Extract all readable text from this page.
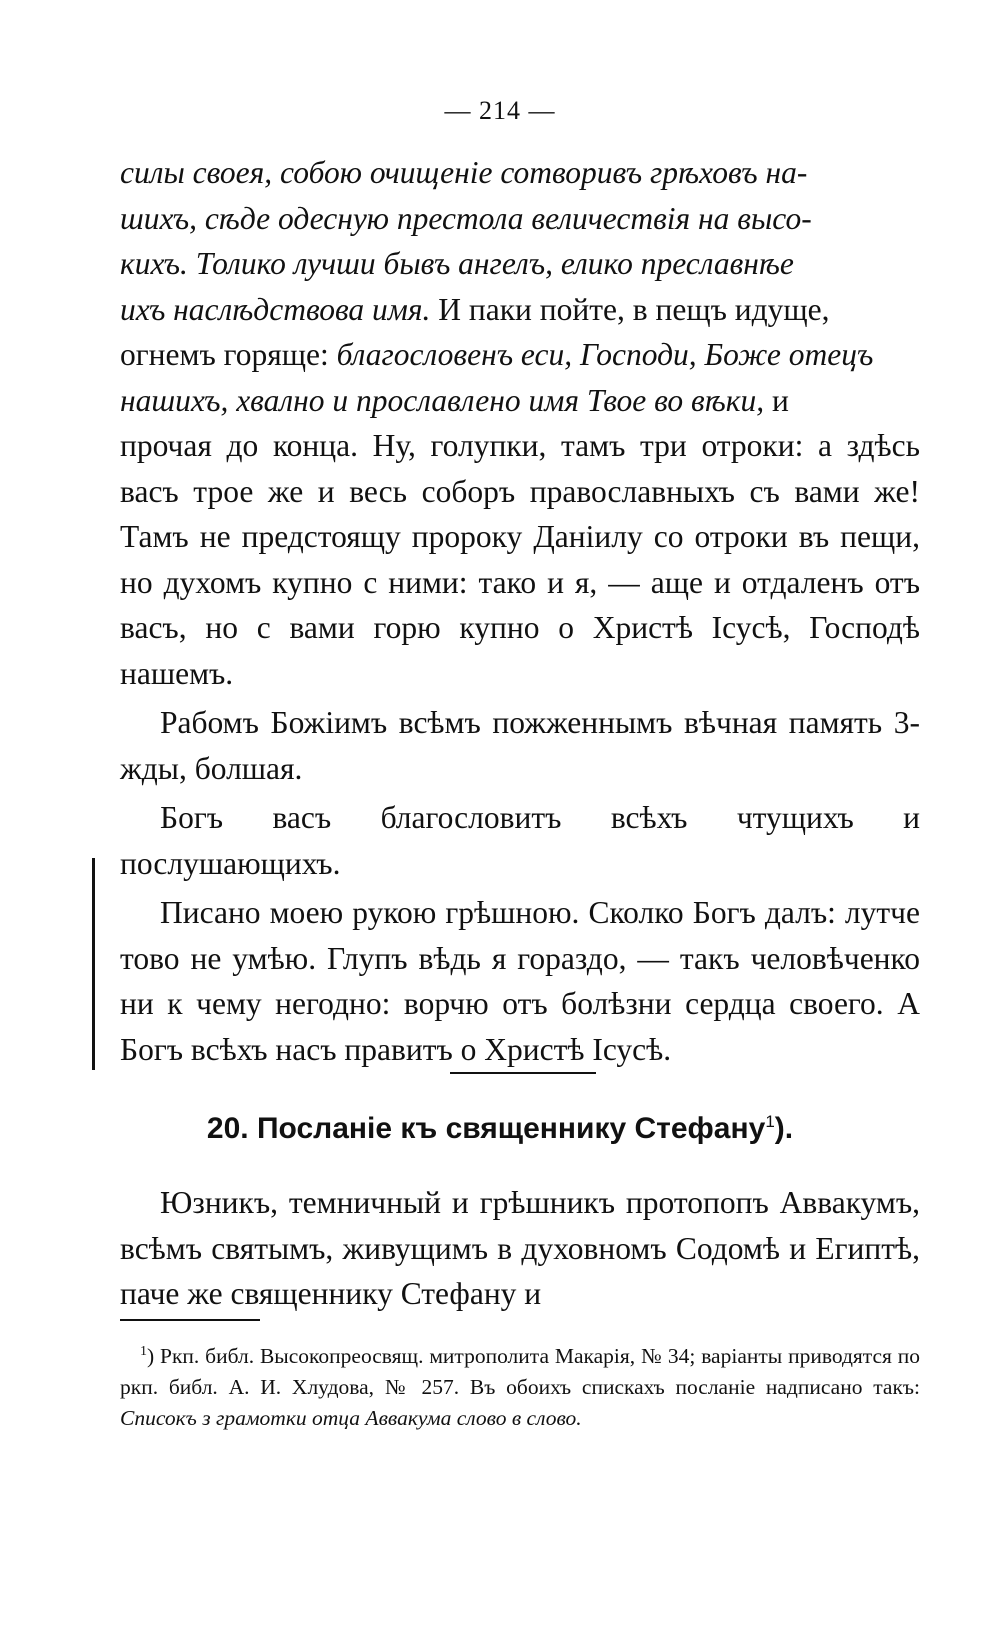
— 214 —

силы своея, собою очищеніе сотворивъ грѣховъ на-

шихъ, сѣде одесную престола величествія на высо-

кихъ. Толико лучши бывъ ангелъ, елико преславнѣе

ихъ наслѣдствова имя. И паки пойте, в пещъ идуще,

огнемъ горяще: благословенъ еси, Господи, Боже отецъ

нашихъ, хвално и прославлено имя Твое во вѣки, и

прочая до конца. Ну, голупки, тамъ три отроки: а здѣсь васъ трое же и весь соборъ православныхъ съ вами же! Тамъ не предстоящу пророку Даніилу со отроки въ пещи, но духомъ купно с ними: тако и я, — аще и отдаленъ отъ васъ, но с вами горю купно о Христѣ Ісусѣ, Господѣ нашемъ.

Рабомъ Божіимъ всѣмъ пожженнымъ вѣчная память 3-жды, болшая.

Богъ васъ благословитъ всѣхъ чтущихъ и послушающихъ.

Писано моею рукою грѣшною. Сколко Богъ далъ: лутче тово не умѣю. Глупъ вѣдь я гораздо, — такъ человѣченко ни к чему негодно: ворчю отъ болѣзни сердца своего. А Богъ всѣхъ насъ правитъ о Христѣ Ісусѣ.

20. Посланіе къ священнику Стефану$^1$).

Юзникъ, темничный и грѣшникъ протопопъ Аввакумъ, всѣмъ святымъ, живущимъ в духовномъ Содомѣ и Египтѣ, паче же священнику Стефану и

$^1$) Ркп. библ. Высокопреосвящ. митрополита Макарія, № 34; варіанты приводятся по ркп. библ. А. И. Хлудова, № 257. Въ обоихъ спискахъ посланіе надписано такъ: Списокъ з грамотки отца Аввакума слово в слово.
